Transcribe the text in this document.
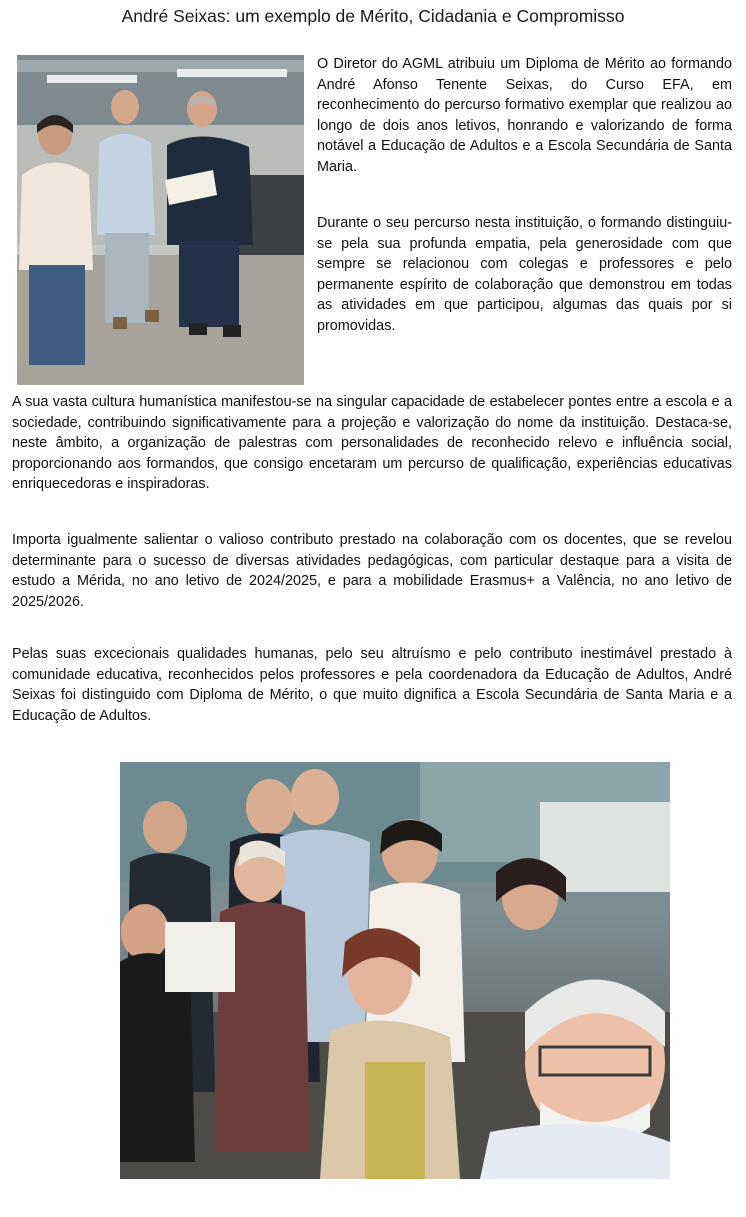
André Seixas: um exemplo de Mérito, Cidadania e Compromisso
O Diretor do AGML atribuiu um Diploma de Mérito ao formando André Afonso Tenente Seixas, do Curso EFA, em reconhecimento do percurso formativo exemplar que realizou ao longo de dois anos letivos, honrando e valorizando de forma notável a Educação de Adultos e a Escola Secundária de Santa Maria.
Durante o seu percurso nesta instituição, o formando distinguiu-se pela sua profunda empatia, pela generosidade com que sempre se relacionou com colegas e professores e pelo permanente espírito de colaboração que demonstrou em todas as atividades em que participou, algumas das quais por si promovidas.
A sua vasta cultura humanística manifestou-se na singular capacidade de estabelecer pontes entre a escola e a sociedade, contribuindo significativamente para a projeção e valorização do nome da instituição. Destaca-se, neste âmbito, a organização de palestras com personalidades de reconhecido relevo e influência social, proporcionando aos formandos, que consigo encetaram um percurso de qualificação, experiências educativas enriquecedoras e inspiradoras.
Importa igualmente salientar o valioso contributo prestado na colaboração com os docentes, que se revelou determinante para o sucesso de diversas atividades pedagógicas, com particular destaque para a visita de estudo a Mérida, no ano letivo de 2024/2025, e para a mobilidade Erasmus+ a Valência, no ano letivo de 2025/2026.
Pelas suas excecionais qualidades humanas, pelo seu altruísmo e pelo contributo inestimável prestado à comunidade educativa, reconhecidos pelos professores e pela coordenadora da Educação de Adultos, André Seixas foi distinguido com Diploma de Mérito, o que muito dignifica a Escola Secundária de Santa Maria e a Educação de Adultos.
